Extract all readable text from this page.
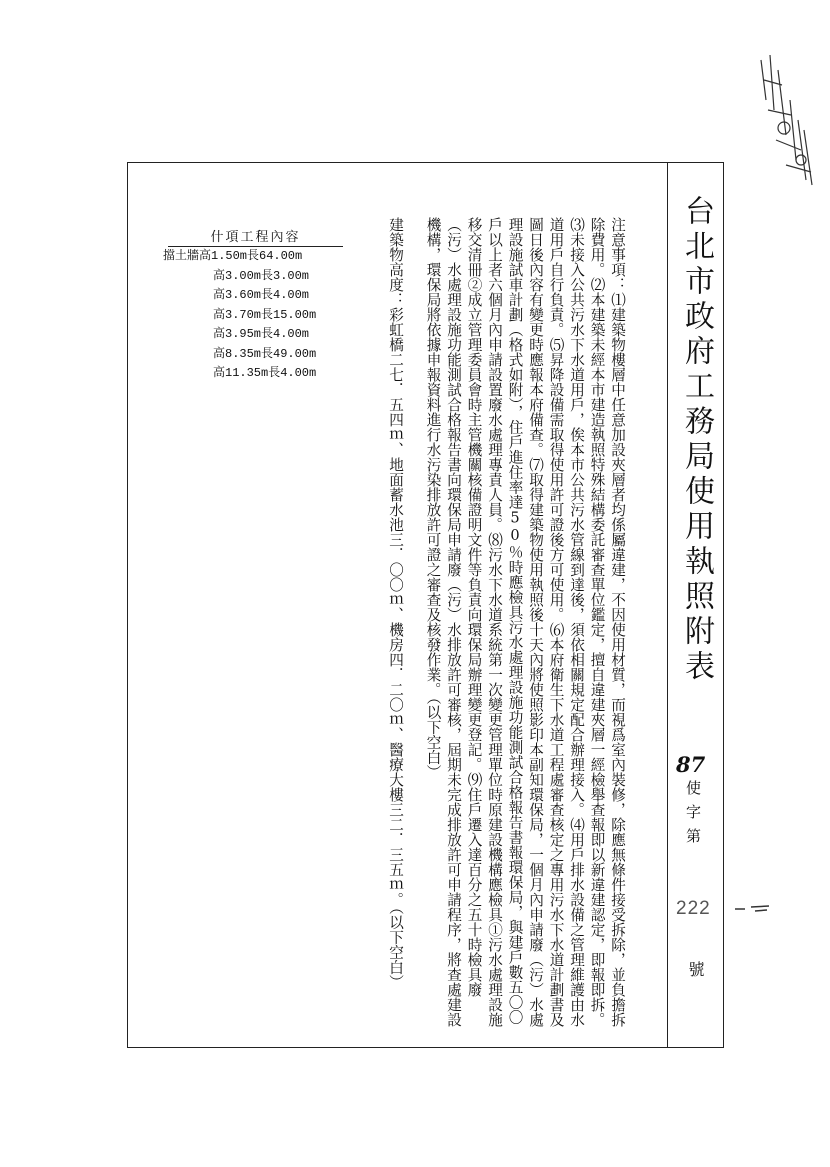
台北市政府工務局使用執照附表
87
使字第
222
號
注意事項：⑴建築物樓層中任意加設夾層者均係屬違建，不因使用材質，而視爲室內裝修，除應無條件接受拆除，並負擔拆除費用。⑵本建築未經本市建造執照特殊結構委託審查單位鑑定，擅自違建夾層一經檢舉查報即以新違建認定，即報即拆。⑶未接入公共污水下水道用戶，俟本市公共污水管線到達後，須依相關規定配合辦理接入。⑷用戶排水設備之管理維護由水道用戶自行負責。⑸昇降設備需取得使用許可證後方可使用。⑹本府衛生下水道工程處審查核定之專用污水下水道計劃書及圖日後內容有變更時應報本府備查。⑺取得建築物使用執照後十天內將使照影印本副知環保局，一個月內申請廢（污）水處理設施試車計劃（格式如附），住戶進住率達50％時應檢具污水處理設施功能測試合格報告書報環保局，與建戶數五〇〇戶以上者六個月內申請設置廢水處理專責人員。⑻污水下水道系統第一次變更管理單位時原建設機構應檢具①污水處理設施移交清冊②成立管理委員會時主管機關核備證明文件等負責向環保局辦理變更登記。⑼住戶遷入達百分之五十時檢具廢（污）水處理設施功能測試合格報告書向環保局申請廢（污）水排放許可審核，屆期未完成排放許可申請程序，將查處建設機構，環保局將依據申報資料進行水污染排放許可證之審查及核發作業。（以下空白）
建築物高度：彩虹橋二七．五四ｍ、地面蓄水池三．〇〇ｍ、機房四．二〇ｍ、醫療大樓三二．三五ｍ。（以下空白）
什項工程內容
擋土牆高1.50m長64.00m
高3.00m長3.00m
高3.60m長4.00m
高3.70m長15.00m
高3.95m長4.00m
高8.35m長49.00m
高11.35m長4.00m
